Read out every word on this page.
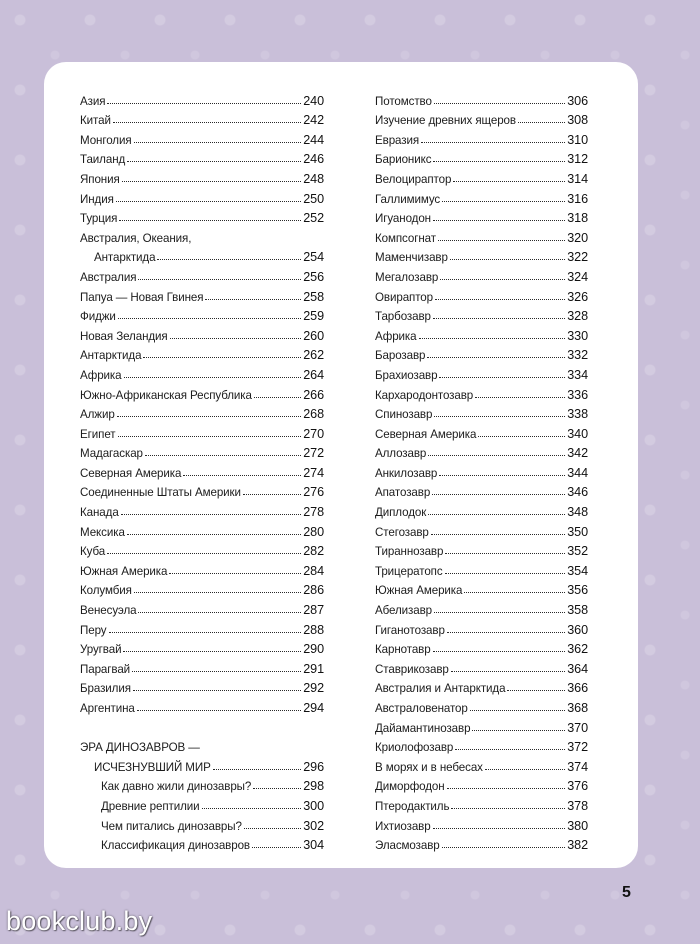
Азия	240
Китай	242
Монголия	244
Таиланд	246
Япония	248
Индия	250
Турция	252
Австралия, Океания,
Антарктида	254
Австралия	256
Папуа — Новая Гвинея	258
Фиджи	259
Новая Зеландия	260
Антарктида	262
Африка	264
Южно-Африканская Республика	266
Алжир	268
Египет	270
Мадагаскар	272
Северная Америка	274
Соединенные Штаты Америки	276
Канада	278
Мексика	280
Куба	282
Южная Америка	284
Колумбия	286
Венесуэла	287
Перу	288
Уругвай	290
Парагвай	291
Бразилия	292
Аргентина	294
ЭРА ДИНОЗАВРОВ —
ИСЧЕЗНУВШИЙ МИР	296
Как давно жили динозавры?	298
Древние рептилии	300
Чем питались динозавры?	302
Классификация динозавров	304
Потомство	306
Изучение древних ящеров	308
Евразия	310
Барионикс	312
Велоцираптор	314
Галлимимус	316
Игуанодон	318
Компсогнат	320
Маменчизавр	322
Мегалозавр	324
Овираптор	326
Тарбозавр	328
Африка	330
Барозавр	332
Брахиозавр	334
Кархародонтозавр	336
Спинозавр	338
Северная Америка	340
Аллозавр	342
Анкилозавр	344
Апатозавр	346
Диплодок	348
Стегозавр	350
Тираннозавр	352
Трицератопс	354
Южная Америка	356
Абелизавр	358
Гиганотозавр	360
Карнотавр	362
Ставрикозавр	364
Австралия и Антарктида	366
Австраловенатор	368
Дайамантинозавр	370
Криолофозавр	372
В морях и в небесах	374
Диморфодон	376
Птеродактиль	378
Ихтиозавр	380
Эласмозавр	382
5
bookclub.by
